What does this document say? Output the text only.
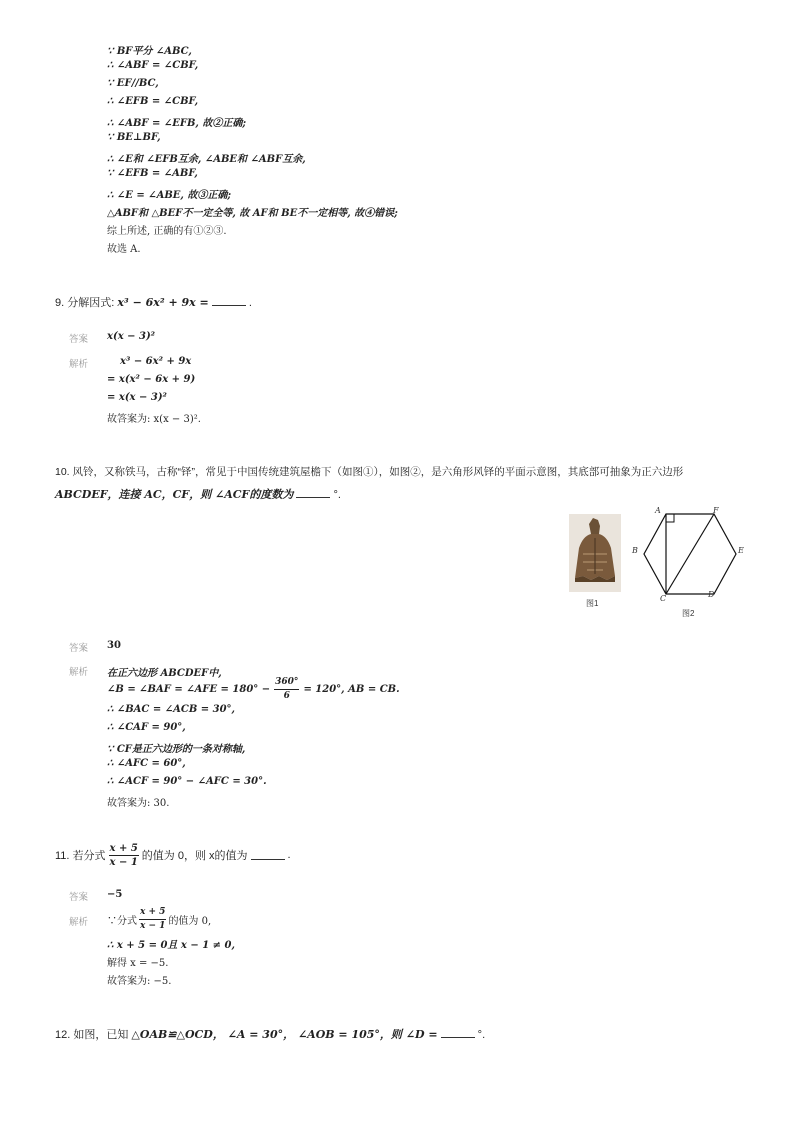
∵ BF平分 ∠ABC,
∴ ∠ABF = ∠CBF,
∵ EF//BC,
∴ ∠EFB = ∠CBF,
∴ ∠ABF = ∠EFB, 故②正确;
∵ BE⊥BF,
∴ ∠E和 ∠EFB互余, ∠ABE和 ∠ABF互余,
∵ ∠EFB = ∠ABF,
∴ ∠E = ∠ABE, 故③正确;
△ABF和 △BEF不一定全等, 故 AF和 BE不一定相等, 故④错误;
综上所述, 正确的有①②③.
故选 A.
9. 分解因式: x³ − 6x² + 9x =	.
答案 x(x − 3)²
解析	x³ − 6x² + 9x
= x(x² − 6x + 9)
= x(x − 3)²
故答案为: x(x − 3)².
10. 风铃，又称铁马，古称“铎”，常见于中国传统建筑屋檐下（如图①），如图②，是六角形风铎的平面示意图，其底部可抽象为正六边形
ABCDEF，连接 AC，CF，则 ∠ACF的度数为	°.
图1
A	F
B	E
C	D
图2
答案 30
解析 在正六边形 ABCDEF中,
∠B = ∠BAF = ∠AFE = $180^\circ - \frac{360^\circ}{6} = 120^\circ$, AB = CB.
∴ ∠BAC = ∠ACB = 30°,
∴ ∠CAF = 90°,
∵ CF是正六边形的一条对称轴,
∴ ∠AFC = 60°,
∴ ∠ACF = 90° − ∠AFC = 30°.
故答案为: 30.
11. 若分式 $\frac{x + 5}{x - 1}$ 的值为 0，则 x的值为	.
答案 −5
解析 ∵分式 $\frac{x + 5}{x - 1}$ 的值为 0,
∴ x + 5 = 0且 x − 1 ≠ 0,
解得 x = −5.
故答案为: −5.
12. 如图，已知 △OAB≌△OCD， ∠A = 30°， ∠AOB = 105°，则 ∠D =	°.
